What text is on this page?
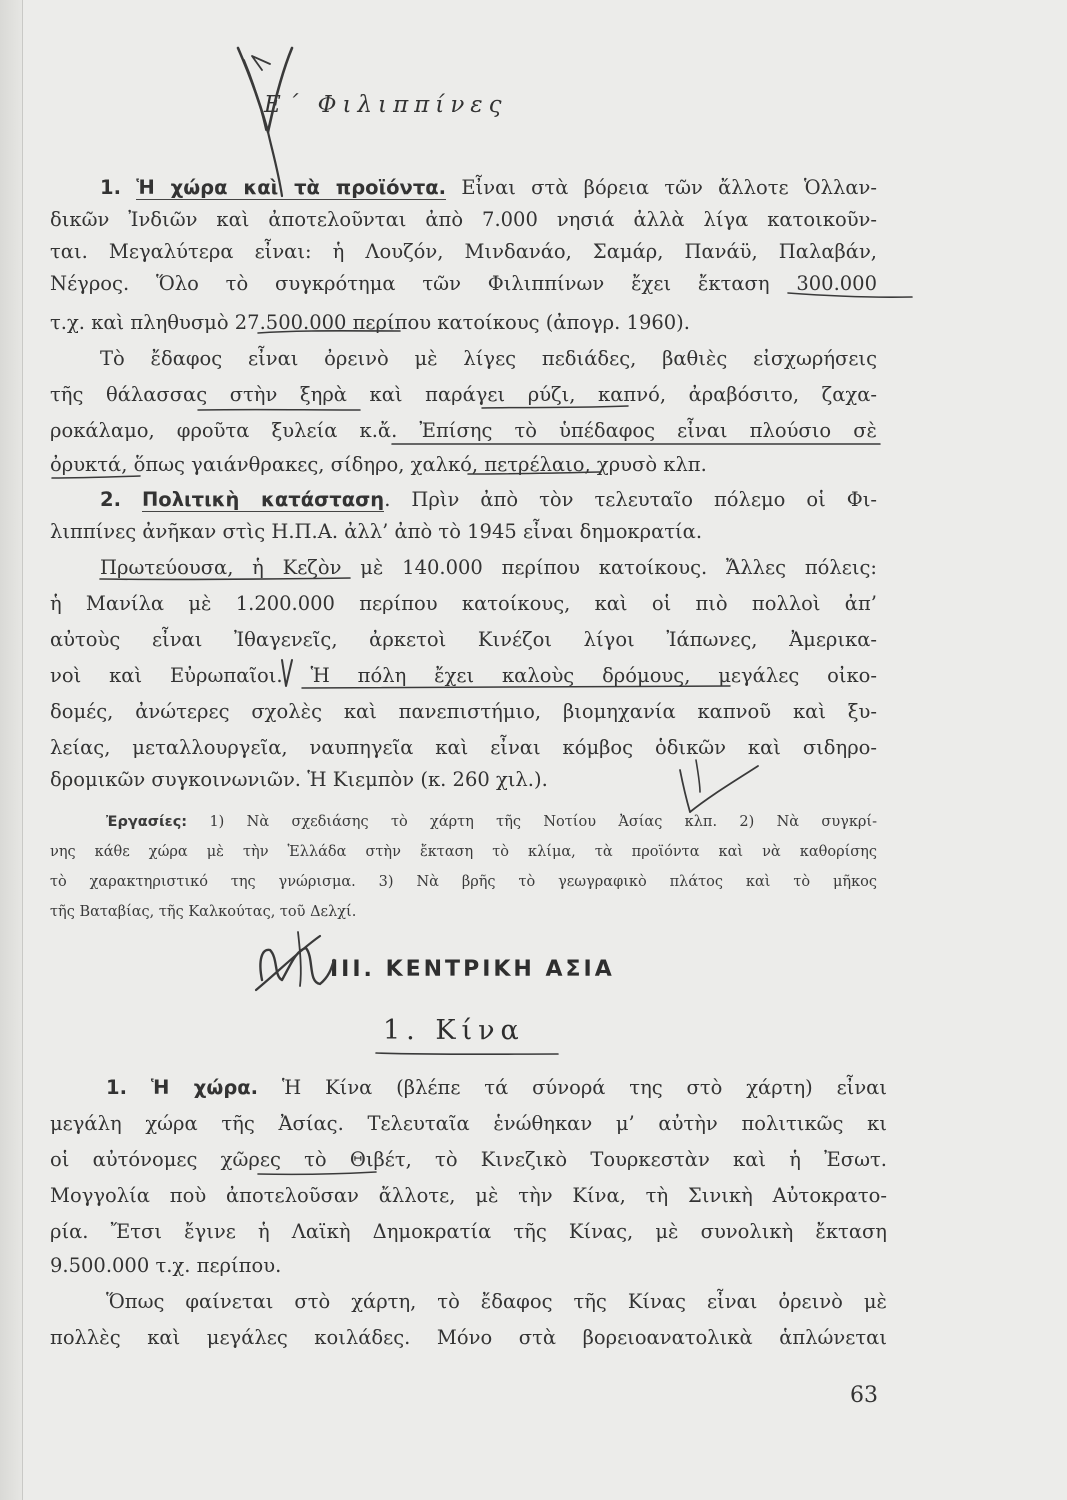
Ε΄ Φιλιππίνες
1. Ἡ χώρα καὶ τὰ προϊόντα. Εἶναι στὰ βόρεια τῶν ἄλλοτε Ὁλλαν-
δικῶν Ἰνδιῶν καὶ ἀποτελοῦνται ἀπὸ 7.000 νησιά ἀλλὰ λίγα κατοικοῦν-
ται. Μεγαλύτερα εἶναι: ἡ Λουζόν, Μινδανάο, Σαμάρ, Πανάϋ, Παλαβάν,
Νέγρος. Ὅλο τὸ συγκρότημα τῶν Φιλιππίνων ἔχει ἔκταση 300.000
τ.χ. καὶ πληθυσμὸ 27.500.000 περίπου κατοίκους (ἀπογρ. 1960).
Τὸ ἔδαφος εἶναι ὀρεινὸ μὲ λίγες πεδιάδες, βαθιὲς εἰσχωρήσεις
τῆς θάλασσας στὴν ξηρὰ καὶ παράγει ρύζι, καπνό, ἀραβόσιτο, ζαχα-
ροκάλαμο, φροῦτα ξυλεία κ.ἄ. Ἐπίσης τὸ ὑπέδαφος εἶναι πλούσιο σὲ
ὀρυκτά, ὅπως γαιάνθρακες, σίδηρο, χαλκό, πετρέλαιο, χρυσὸ κλπ.
2. Πολιτικὴ κατάσταση. Πρὶν ἀπὸ τὸν τελευταῖο πόλεμο οἱ Φι-
λιππίνες ἀνῆκαν στὶς Η.Π.Α. ἀλλ’ ἀπὸ τὸ 1945 εἶναι δημοκρατία.
Πρωτεύουσα, ἡ Κεζὸν μὲ 140.000 περίπου κατοίκους. Ἄλλες πόλεις:
ἡ Μανίλα μὲ 1.200.000 περίπου κατοίκους, καὶ οἱ πιὸ πολλοὶ ἀπ’
αὐτοὺς εἶναι Ἰθαγενεῖς, ἀρκετοὶ Κινέζοι λίγοι Ἰάπωνες, Ἀμερικα-
νοὶ καὶ Εὐρωπαῖοι. Ἡ πόλη ἔχει καλοὺς δρόμους, μεγάλες οἰκο-
δομές, ἀνώτερες σχολὲς καὶ πανεπιστήμιο, βιομηχανία καπνοῦ καὶ ξυ-
λείας, μεταλλουργεῖα, ναυπηγεῖα καὶ εἶναι κόμβος ὁδικῶν καὶ σιδηρο-
δρομικῶν συγκοινωνιῶν. Ἡ Κιεμπὸν (κ. 260 χιλ.).
Ἐργασίες: 1) Νὰ σχεδιάσης τὸ χάρτη τῆς Νοτίου Ἀσίας κλπ. 2) Νὰ συγκρί-
νης κάθε χώρα μὲ τὴν Ἑλλάδα στὴν ἔκταση τὸ κλίμα, τὰ προϊόντα καὶ νὰ καθορίσης
τὸ χαρακτηριστικό της γνώρισμα. 3) Νὰ βρῆς τὸ γεωγραφικὸ πλάτος καὶ τὸ μῆκος
τῆς Βαταβίας, τῆς Καλκούτας, τοῦ Δελχί.
III. ΚΕΝΤΡΙΚΗ ΑΣΙΑ
1. Κίνα
1. Ἡ χώρα. Ἡ Κίνα (βλέπε τά σύνορά της στὸ χάρτη) εἶναι
μεγάλη χώρα τῆς Ἀσίας. Τελευταῖα ἑνώθηκαν μ’ αὐτὴν πολιτικῶς κι
οἱ αὐτόνομες χῶρες τὸ Θιβέτ, τὸ Κινεζικὸ Τουρκεστὰν καὶ ἡ Ἐσωτ.
Μογγολία ποὺ ἀποτελοῦσαν ἄλλοτε, μὲ τὴν Κίνα, τὴ Σινικὴ Αὐτοκρατο-
ρία. Ἔτσι ἔγινε ἡ Λαϊκὴ Δημοκρατία τῆς Κίνας, μὲ συνολικὴ ἔκταση
9.500.000 τ.χ. περίπου.
Ὅπως φαίνεται στὸ χάρτη, τὸ ἔδαφος τῆς Κίνας εἶναι ὀρεινὸ μὲ
πολλὲς καὶ μεγάλες κοιλάδες. Μόνο στὰ βορειοανατολικὰ ἁπλώνεται
63
